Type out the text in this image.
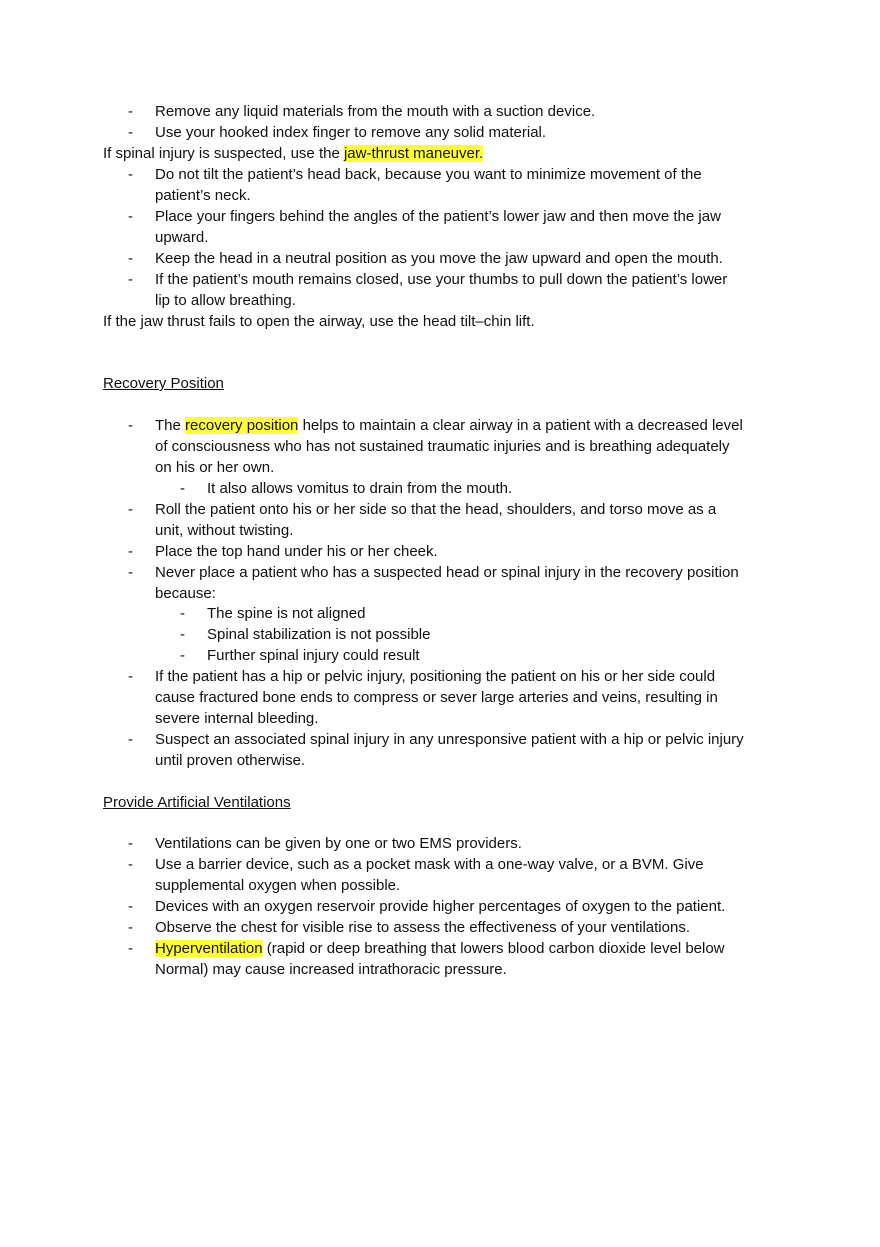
- Remove any liquid materials from the mouth with a suction device.
- Use your hooked index finger to remove any solid material.
If spinal injury is suspected, use the jaw-thrust maneuver.
- Do not tilt the patient’s head back, because you want to minimize movement of the
patient’s neck.
- Place your fingers behind the angles of the patient’s lower jaw and then move the jaw
upward.
- Keep the head in a neutral position as you move the jaw upward and open the mouth.
- If the patient’s mouth remains closed, use your thumbs to pull down the patient’s lower
lip to allow breathing.
If the jaw thrust fails to open the airway, use the head tilt–chin lift.
Recovery Position
- The recovery position helps to maintain a clear airway in a patient with a decreased level
of consciousness who has not sustained traumatic injuries and is breathing adequately
on his or her own.
- It also allows vomitus to drain from the mouth.
- Roll the patient onto his or her side so that the head, shoulders, and torso move as a
unit, without twisting.
- Place the top hand under his or her cheek.
- Never place a patient who has a suspected head or spinal injury in the recovery position
because:
- The spine is not aligned
- Spinal stabilization is not possible
- Further spinal injury could result
- If the patient has a hip or pelvic injury, positioning the patient on his or her side could
cause fractured bone ends to compress or sever large arteries and veins, resulting in
severe internal bleeding.
- Suspect an associated spinal injury in any unresponsive patient with a hip or pelvic injury
until proven otherwise.
Provide Artificial Ventilations
- Ventilations can be given by one or two EMS providers.
- Use a barrier device, such as a pocket mask with a one-way valve, or a BVM. Give
supplemental oxygen when possible.
- Devices with an oxygen reservoir provide higher percentages of oxygen to the patient.
- Observe the chest for visible rise to assess the effectiveness of your ventilations.
- Hyperventilation (rapid or deep breathing that lowers blood carbon dioxide level below
Normal) may cause increased intrathoracic pressure.
